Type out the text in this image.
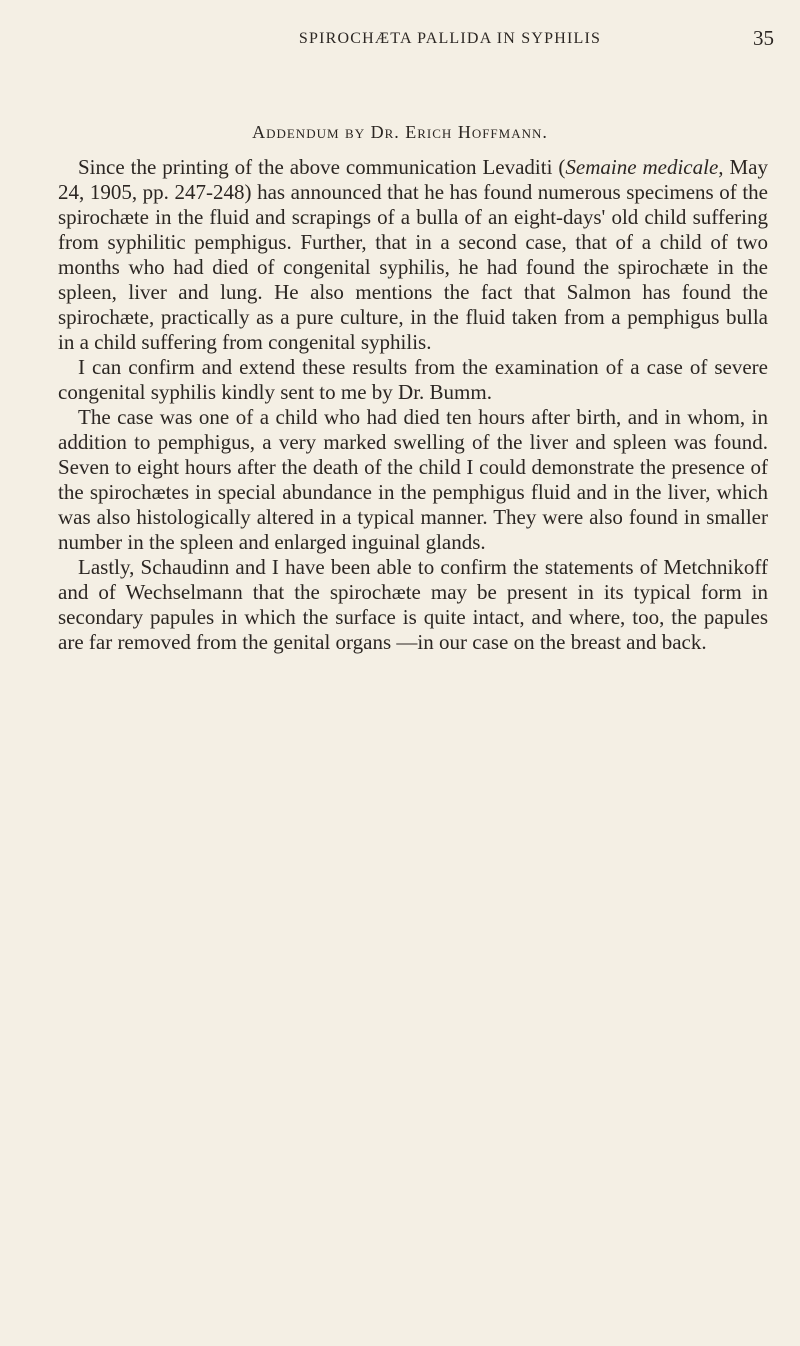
SPIROCHÆTA PALLIDA IN SYPHILIS	35
Addendum by Dr. Erich Hoffmann.

Since the printing of the above communication Levaditi (Semaine medicale, May 24, 1905, pp. 247-248) has announced that he has found numerous specimens of the spirochæte in the fluid and scrapings of a bulla of an eight-days' old child suffering from syphilitic pemphigus. Further, that in a second case, that of a child of two months who had died of congenital syphilis, he had found the spirochæte in the spleen, liver and lung. He also mentions the fact that Salmon has found the spirochæte, practically as a pure culture, in the fluid taken from a pemphigus bulla in a child suffering from congenital syphilis.

I can confirm and extend these results from the examination of a case of severe congenital syphilis kindly sent to me by Dr. Bumm.

The case was one of a child who had died ten hours after birth, and in whom, in addition to pemphigus, a very marked swelling of the liver and spleen was found. Seven to eight hours after the death of the child I could demonstrate the presence of the spirochætes in special abundance in the pemphigus fluid and in the liver, which was also histologically altered in a typical manner. They were also found in smaller number in the spleen and enlarged inguinal glands.

Lastly, Schaudinn and I have been able to confirm the statements of Metchnikoff and of Wechselmann that the spirochæte may be present in its typical form in secondary papules in which the surface is quite intact, and where, too, the papules are far removed from the genital organs —in our case on the breast and back.
